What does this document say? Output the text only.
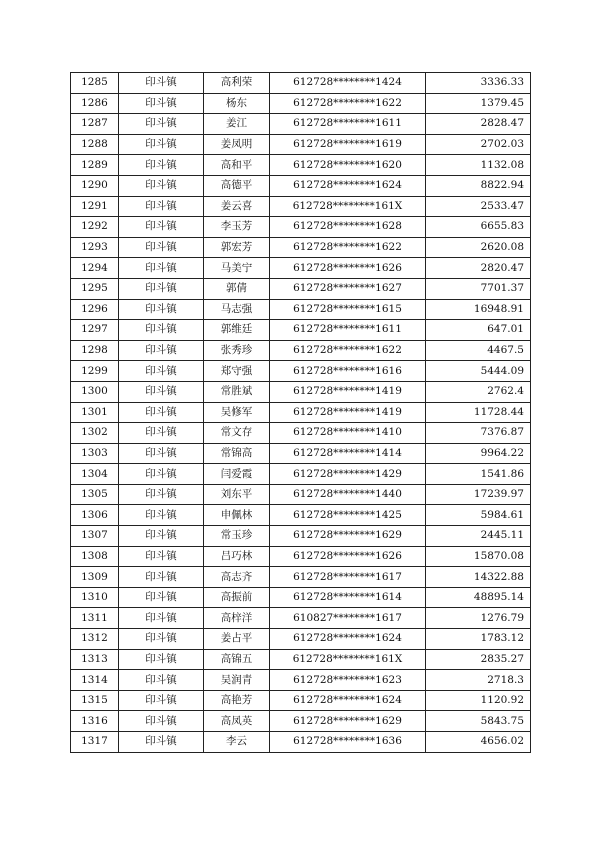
1285	印斗镇	高利荣	612728********1424	3336.33
1286	印斗镇	杨东	612728********1622	1379.45
1287	印斗镇	姜江	612728********1611	2828.47
1288	印斗镇	姜凤明	612728********1619	2702.03
1289	印斗镇	高和平	612728********1620	1132.08
1290	印斗镇	高德平	612728********1624	8822.94
1291	印斗镇	姜云喜	612728********161X	2533.47
1292	印斗镇	李玉芳	612728********1628	6655.83
1293	印斗镇	郭宏芳	612728********1622	2620.08
1294	印斗镇	马美宁	612728********1626	2820.47
1295	印斗镇	郭倩	612728********1627	7701.37
1296	印斗镇	马志强	612728********1615	16948.91
1297	印斗镇	郭维廷	612728********1611	647.01
1298	印斗镇	张秀珍	612728********1622	4467.5
1299	印斗镇	郑守强	612728********1616	5444.09
1300	印斗镇	常胜斌	612728********1419	2762.4
1301	印斗镇	吴修军	612728********1419	11728.44
1302	印斗镇	常文存	612728********1410	7376.87
1303	印斗镇	常锦高	612728********1414	9964.22
1304	印斗镇	闫爱霞	612728********1429	1541.86
1305	印斗镇	刘东平	612728********1440	17239.97
1306	印斗镇	申佩林	612728********1425	5984.61
1307	印斗镇	常玉珍	612728********1629	2445.11
1308	印斗镇	吕巧林	612728********1626	15870.08
1309	印斗镇	高志齐	612728********1617	14322.88
1310	印斗镇	高振前	612728********1614	48895.14
1311	印斗镇	高梓洋	610827********1617	1276.79
1312	印斗镇	姜占平	612728********1624	1783.12
1313	印斗镇	高锦五	612728********161X	2835.27
1314	印斗镇	吴润青	612728********1623	2718.3
1315	印斗镇	高艳芳	612728********1624	1120.92
1316	印斗镇	高凤英	612728********1629	5843.75
1317	印斗镇	李云	612728********1636	4656.02
